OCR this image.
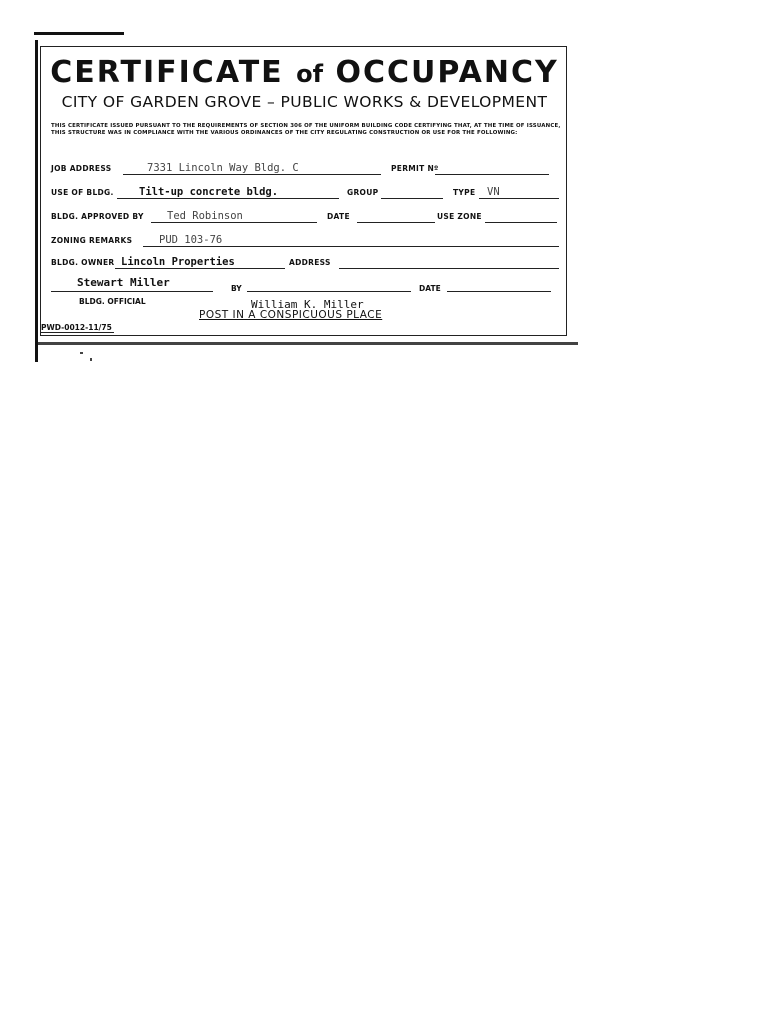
CERTIFICATE of OCCUPANCY
CITY OF GARDEN GROVE – PUBLIC WORKS & DEVELOPMENT
THIS CERTIFICATE ISSUED PURSUANT TO THE REQUIREMENTS OF SECTION 306 OF THE UNIFORM BUILDING CODE CERTIFYING THAT, AT THE TIME OF ISSUANCE, THIS STRUCTURE WAS IN COMPLIANCE WITH THE VARIOUS ORDINANCES OF THE CITY REGULATING CONSTRUCTION OR USE FOR THE FOLLOWING:
JOB ADDRESS	7331 Lincoln Way Bldg. C	PERMIT Nº
USE OF BLDG. Tilt-up concrete bldg.	GROUP	TYPE VN
BLDG. APPROVED BY Ted Robinson	DATE	USE ZONE
ZONING REMARKS	PUD 103-76
BLDG. OWNER Lincoln Properties	ADDRESS
Stewart Miller	BY	DATE
BLDG. OFFICIAL	William K. Miller
POST IN A CONSPICUOUS PLACE
PWD-0012-11/75
